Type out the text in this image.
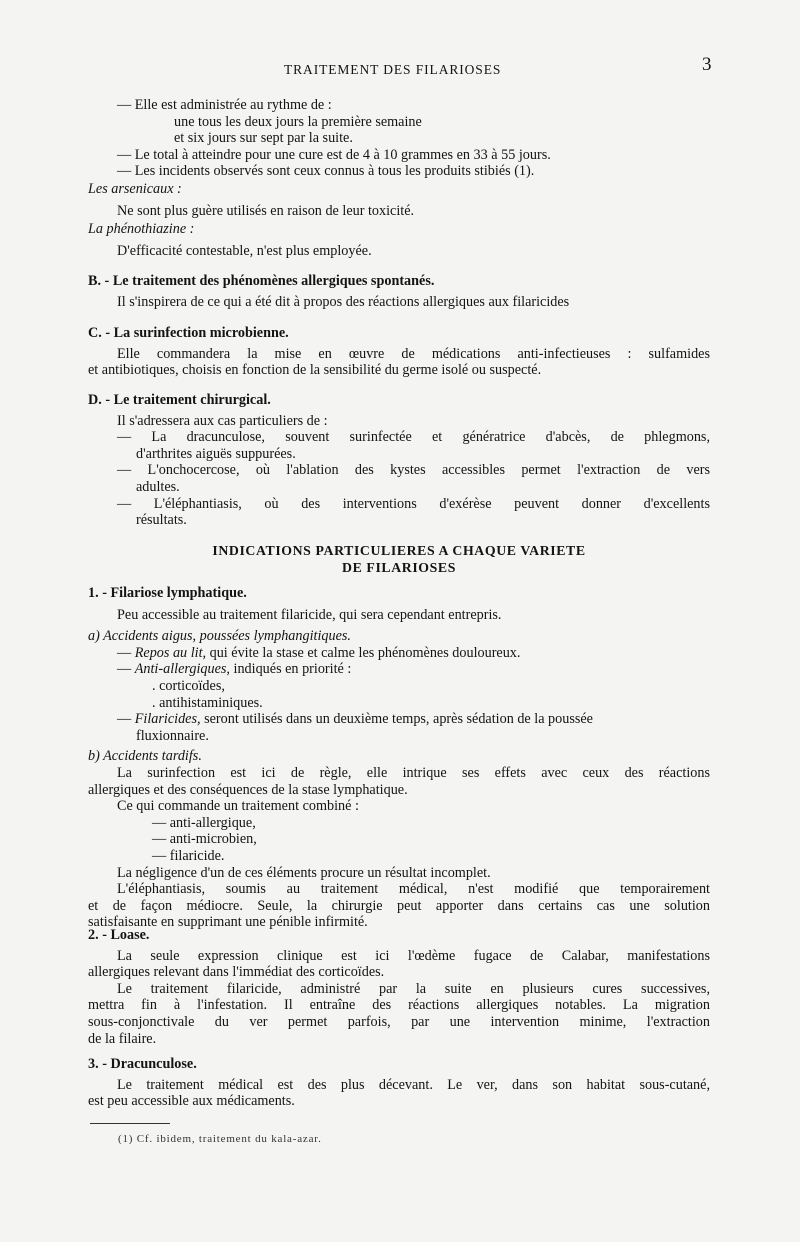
TRAITEMENT DES FILARIOSES	3
— Elle est administrée au rythme de :
une tous les deux jours la première semaine
et six jours sur sept par la suite.
— Le total à atteindre pour une cure est de 4 à 10 grammes en 33 à 55 jours.
— Les incidents observés sont ceux connus à tous les produits stibiés (1).
Les arsenicaux :
Ne sont plus guère utilisés en raison de leur toxicité.
La phénothiazine :
D'efficacité contestable, n'est plus employée.
B. - Le traitement des phénomènes allergiques spontanés.
Il s'inspirera de ce qui a été dit à propos des réactions allergiques aux filaricides
C. - La surinfection microbienne.
Elle commandera la mise en œuvre de médications anti-infectieuses : sulfamides
et antibiotiques, choisis en fonction de la sensibilité du germe isolé ou suspecté.
D. - Le traitement chirurgical.
Il s'adressera aux cas particuliers de :
— La dracunculose, souvent surinfectée et génératrice d'abcès, de phlegmons,
d'arthrites aiguës suppurées.
— L'onchocercose, où l'ablation des kystes accessibles permet l'extraction de vers
adultes.
— L'éléphantiasis, où des interventions d'exérèse peuvent donner d'excellents
résultats.
INDICATIONS PARTICULIERES A CHAQUE VARIETE
DE FILARIOSES
1. - Filariose lymphatique.
Peu accessible au traitement filaricide, qui sera cependant entrepris.
a) Accidents aigus, poussées lymphangitiques.
— Repos au lit, qui évite la stase et calme les phénomènes douloureux.
— Anti-allergiques, indiqués en priorité :
. corticoïdes,
. antihistaminiques.
— Filaricides, seront utilisés dans un deuxième temps, après sédation de la poussée
fluxionnaire.
b) Accidents tardifs.
La surinfection est ici de règle, elle intrique ses effets avec ceux des réactions
allergiques et des conséquences de la stase lymphatique.
Ce qui commande un traitement combiné :
— anti-allergique,
— anti-microbien,
— filaricide.
La négligence d'un de ces éléments procure un résultat incomplet.
L'éléphantiasis, soumis au traitement médical, n'est modifié que temporairement
et de façon médiocre. Seule, la chirurgie peut apporter dans certains cas une solution
satisfaisante en supprimant une pénible infirmité.
2. - Loase.
La seule expression clinique est ici l'œdème fugace de Calabar, manifestations
allergiques relevant dans l'immédiat des corticoïdes.
Le traitement filaricide, administré par la suite en plusieurs cures successives,
mettra fin à l'infestation. Il entraîne des réactions allergiques notables. La migration
sous-conjonctivale du ver permet parfois, par une intervention minime, l'extraction
de la filaire.
3. - Dracunculose.
Le traitement médical est des plus décevant. Le ver, dans son habitat sous-cutané,
est peu accessible aux médicaments.
(1) Cf. ibidem, traitement du kala-azar.
